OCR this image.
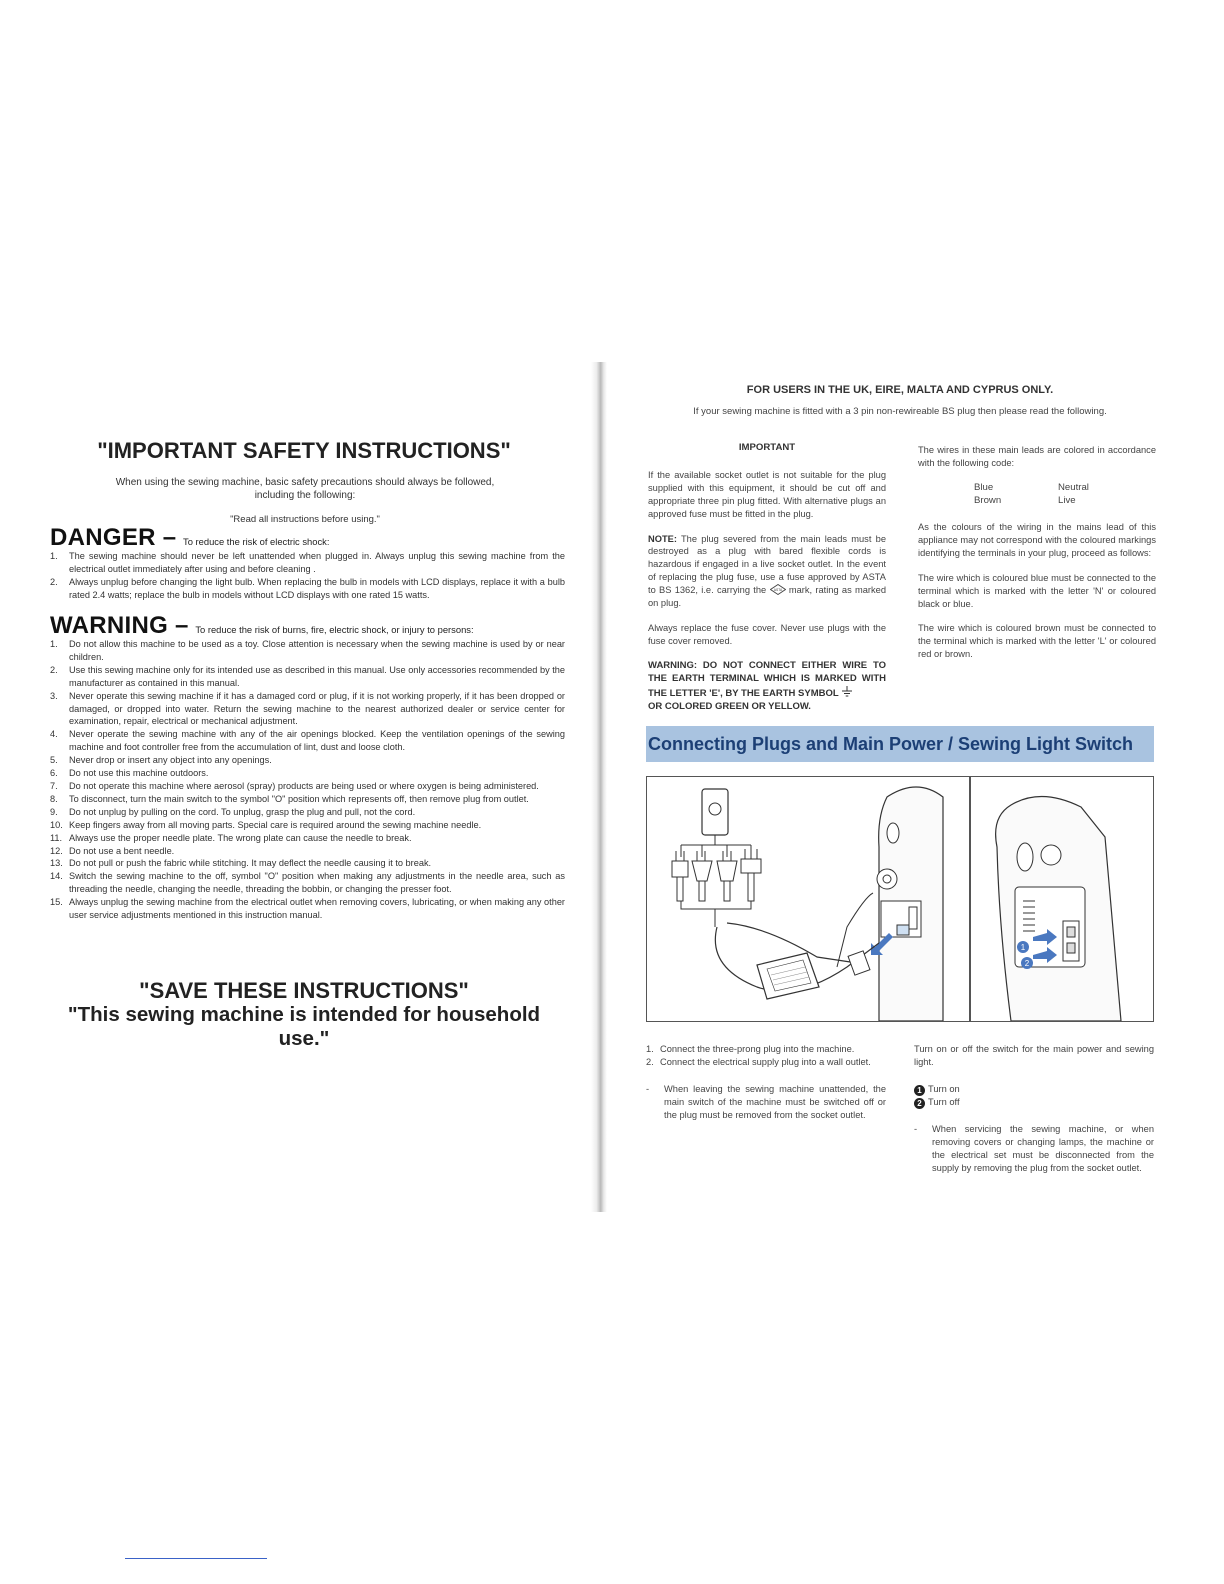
"IMPORTANT SAFETY INSTRUCTIONS"
When using the sewing machine, basic safety precautions should always be followed,
including the following:
"Read all instructions before using."
DANGER – To reduce the risk of electric shock:
1. The sewing machine should never be left unattended when plugged in. Always unplug this sewing machine from the electrical outlet immediately after using and before cleaning .
2. Always unplug before changing the light bulb. When replacing the bulb in models with LCD displays, replace it with a bulb rated 2.4 watts; replace the bulb in models without LCD displays with one rated 15 watts.
WARNING – To reduce the risk of burns, fire, electric shock, or injury to persons:
1. Do not allow this machine to be used as a toy. Close attention is necessary when the sewing machine is used by or near children.
2. Use this sewing machine only for its intended use as described in this manual. Use only accessories recommended by the manufacturer as contained in this manual.
3. Never operate this sewing machine if it has a damaged cord or plug, if it is not working properly, if it has been dropped or damaged, or dropped into water. Return the sewing machine to the nearest authorized dealer or service center for examination, repair, electrical or mechanical adjustment.
4. Never operate the sewing machine with any of the air openings blocked. Keep the ventilation openings of the sewing machine and foot controller free from the accumulation of lint, dust and loose cloth.
5. Never drop or insert any object into any openings.
6. Do not use this machine outdoors.
7. Do not operate this machine where aerosol (spray) products are being used or where oxygen is being administered.
8. To disconnect, turn the main switch to the symbol "O" position which represents off, then remove plug from outlet.
9. Do not unplug by pulling on the cord. To unplug, grasp the plug and pull, not the cord.
10. Keep fingers away from all moving parts. Special care is required around the sewing machine needle.
11. Always use the proper needle plate. The wrong plate can cause the needle to break.
12. Do not use a bent needle.
13. Do not pull or push the fabric while stitching. It may deflect the needle causing it to break.
14. Switch the sewing machine to the off, symbol "O" position when making any adjustments in the needle area, such as threading the needle, changing the needle, threading the bobbin, or changing the presser foot.
15. Always unplug the sewing machine from the electrical outlet when removing covers, lubricating, or when making any other user service adjustments mentioned in this instruction manual.
"SAVE THESE INSTRUCTIONS"
"This sewing machine is intended for household use."
FOR USERS IN THE UK, EIRE, MALTA AND CYPRUS ONLY.
If your sewing machine is fitted with a 3 pin non-rewireable BS plug then please read the following.
IMPORTANT

If the available socket outlet is not suitable for the plug supplied with this equipment, it should be cut off and appropriate three pin plug fitted. With alternative plugs an approved fuse must be fitted in the plug.

NOTE: The plug severed from the main leads must be destroyed as a plug with bared flexible cords is hazardous if engaged in a live socket outlet. In the event of replacing the plug fuse, use a fuse approved by ASTA to BS 1362, i.e. carrying the ASTA mark, rating as marked on plug.

Always replace the fuse cover. Never use plugs with the fuse cover removed.

WARNING: DO NOT CONNECT EITHER WIRE TO THE EARTH TERMINAL WHICH IS MARKED WITH THE LETTER 'E', BY THE EARTH SYMBOL
OR COLORED GREEN OR YELLOW.

The wires in these main leads are colored in accordance with the following code:

Blue	Neutral
Brown	Live

As the colours of the wiring in the mains lead of this appliance may not correspond with the coloured markings identifying the terminals in your plug, proceed as follows:

The wire which is coloured blue must be connected to the terminal which is marked with the letter 'N' or coloured black or blue.

The wire which is coloured brown must be connected to the terminal which is marked with the letter 'L' or coloured red or brown.

Connecting Plugs and Main Power / Sewing Light Switch
1
2
1. Connect the three-prong plug into the machine.
2. Connect the electrical supply plug into a wall outlet.
- When leaving the sewing machine unattended, the main switch of the machine must be switched off or the plug must be removed from the socket outlet.
Turn on or off the switch for the main power and sewing light.
1 Turn on
2 Turn off
- When servicing the sewing machine, or when removing covers or changing lamps, the machine or the electrical set must be disconnected from the supply by removing the plug from the socket outlet.
